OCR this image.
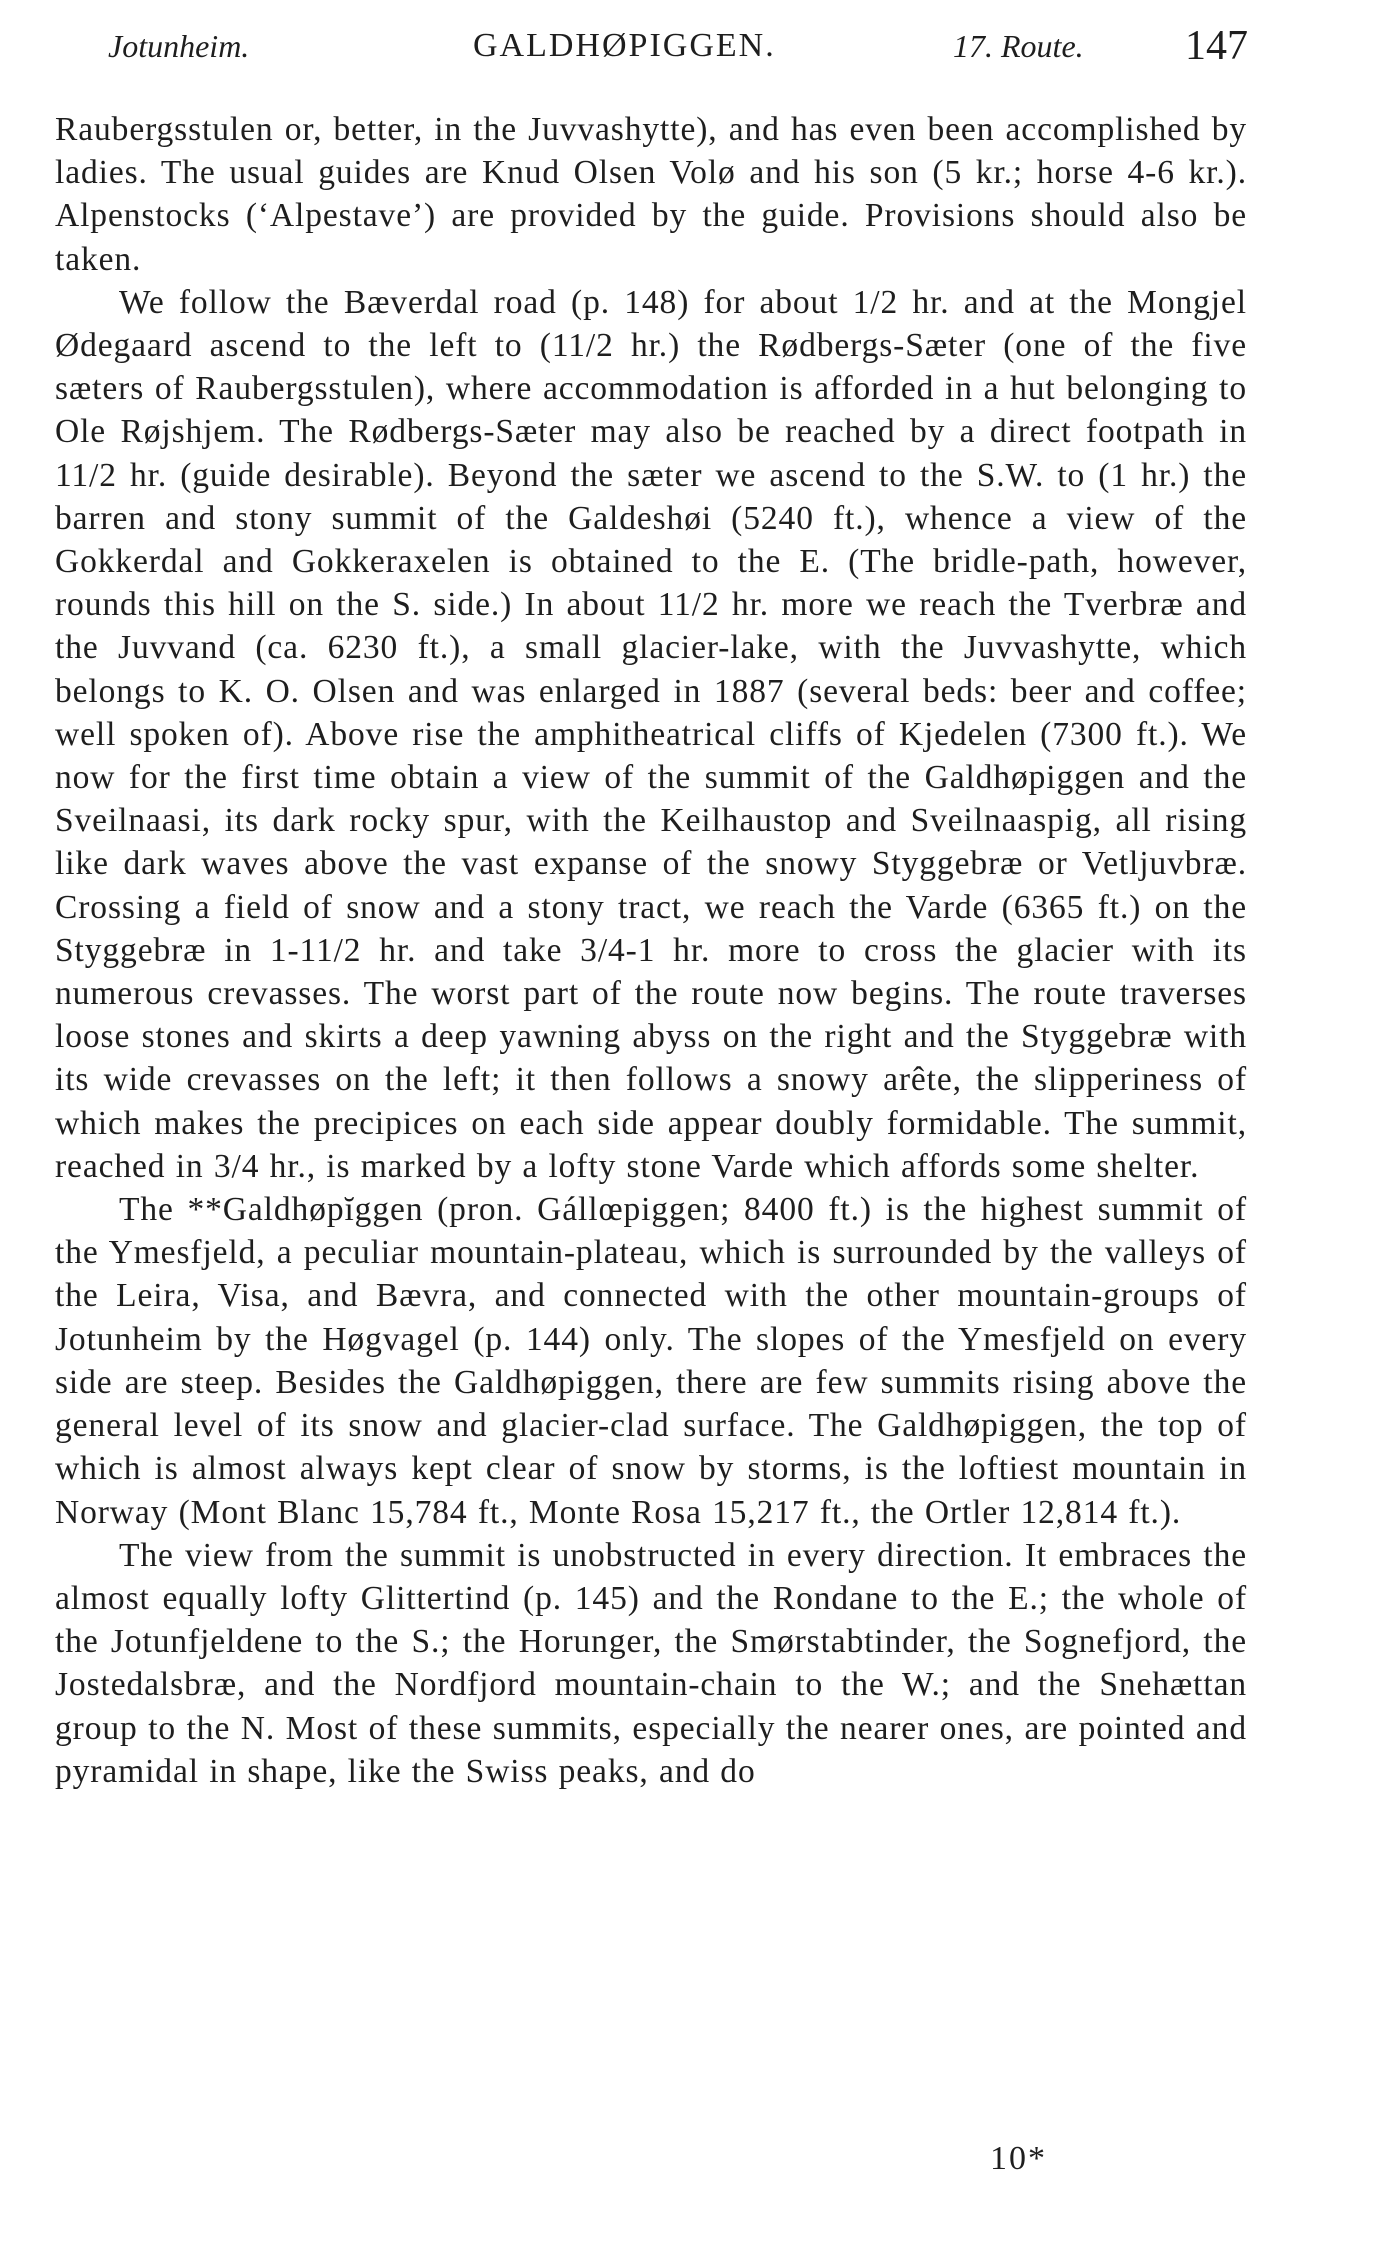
Jotunheim.	GALDHØPIGGEN.	17. Route. 147

Raubergsstulen or, better, in the Juvvashytte), and has even been accomplished by ladies. The usual guides are Knud Olsen Volø and his son (5 kr.; horse 4-6 kr.). Alpenstocks (‘Alpestave’) are provided by the guide. Provisions should also be taken.

We follow the Bæverdal road (p. 148) for about 1/2 hr. and at the Mongjel Ødegaard ascend to the left to (11/2 hr.) the Rødbergs-Sæter (one of the five sæters of Raubergsstulen), where accommodation is afforded in a hut belonging to Ole Røjshjem. The Rødbergs-Sæter may also be reached by a direct footpath in 11/2 hr. (guide desirable). Beyond the sæter we ascend to the S.W. to (1 hr.) the barren and stony summit of the Galdeshøi (5240 ft.), whence a view of the Gokkerdal and Gokkeraxelen is obtained to the E. (The bridle-path, however, rounds this hill on the S. side.) In about 11/2 hr. more we reach the Tverbræ and the Juvvand (ca. 6230 ft.), a small glacier-lake, with the Juvvashytte, which belongs to K. O. Olsen and was enlarged in 1887 (several beds: beer and coffee; well spoken of). Above rise the amphitheatrical cliffs of Kjedelen (7300 ft.). We now for the first time obtain a view of the summit of the Galdhøpiggen and the Sveilnaasi, its dark rocky spur, with the Keilhaustop and Sveilnaaspig, all rising like dark waves above the vast expanse of the snowy Styggebræ or Vetljuvbræ. Crossing a field of snow and a stony tract, we reach the Varde (6365 ft.) on the Styggebræ in 1-11/2 hr. and take 3/4-1 hr. more to cross the glacier with its numerous crevasses. The worst part of the route now begins. The route traverses loose stones and skirts a deep yawning abyss on the right and the Styggebræ with its wide crevasses on the left; it then follows a snowy arête, the slipperiness of which makes the precipices on each side appear doubly formidable. The summit, reached in 3/4 hr., is marked by a lofty stone Varde which affords some shelter.

The **Galdhøpĭggen (pron. Gállœpiggen; 8400 ft.) is the highest summit of the Ymesfjeld, a peculiar mountain-plateau, which is surrounded by the valleys of the Leira, Visa, and Bævra, and connected with the other mountain-groups of Jotunheim by the Høgvagel (p. 144) only. The slopes of the Ymesfjeld on every side are steep. Besides the Galdhøpiggen, there are few summits rising above the general level of its snow and glacier-clad surface. The Galdhøpiggen, the top of which is almost always kept clear of snow by storms, is the loftiest mountain in Norway (Mont Blanc 15,784 ft., Monte Rosa 15,217 ft., the Ortler 12,814 ft.).

The view from the summit is unobstructed in every direction. It embraces the almost equally lofty Glittertind (p. 145) and the Rondane to the E.; the whole of the Jotunfjeldene to the S.; the Horunger, the Smørstabtinder, the Sognefjord, the Jostedalsbræ, and the Nordfjord mountain-chain to the W.; and the Snehættan group to the N. Most of these summits, especially the nearer ones, are pointed and pyramidal in shape, like the Swiss peaks, and do

10*
